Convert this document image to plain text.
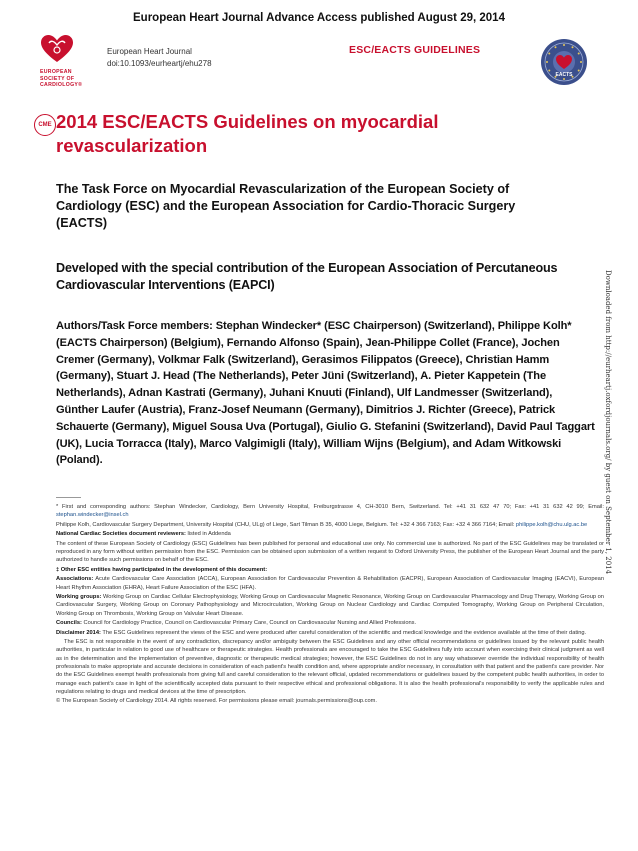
European Heart Journal Advance Access published August 29, 2014
EUROPEAN
SOCIETY OF
CARDIOLOGY®
European Heart Journal
doi:10.1093/eurheartj/ehu278
ESC/EACTS GUIDELINES
EACTS
CME 2014 ESC/EACTS Guidelines on myocardial revascularization
The Task Force on Myocardial Revascularization of the European Society of Cardiology (ESC) and the European Association for Cardio-Thoracic Surgery (EACTS)
Developed with the special contribution of the European Association of Percutaneous Cardiovascular Interventions (EAPCI)

Authors/Task Force members: Stephan Windecker* (ESC Chairperson) (Switzerland), Philippe Kolh* (EACTS Chairperson) (Belgium), Fernando Alfonso (Spain), Jean-Philippe Collet (France), Jochen Cremer (Germany), Volkmar Falk (Switzerland), Gerasimos Filippatos (Greece), Christian Hamm (Germany), Stuart J. Head (The Netherlands), Peter Jüni (Switzerland), A. Pieter Kappetein (The Netherlands), Adnan Kastrati (Germany), Juhani Knuuti (Finland), Ulf Landmesser (Switzerland), Günther Laufer (Austria), Franz-Josef Neumann (Germany), Dimitrios J. Richter (Greece), Patrick Schauerte (Germany), Miguel Sousa Uva (Portugal), Giulio G. Stefanini (Switzerland), David Paul Taggart (UK), Lucia Torracca (Italy), Marco Valgimigli (Italy), William Wijns (Belgium), and Adam Witkowski (Poland).	Downloaded from http://eurheartj.oxfordjournals.org/ by guest on September 1, 2014

* First and corresponding authors: Stephan Windecker, Cardiology, Bern University Hospital, Freiburgstrasse 4, CH-3010 Bern, Switzerland. Tel: +41 31 632 47 70; Fax: +41 31 632 42 99; Email: stephan.windecker@insel.ch

Philippe Kolh, Cardiovascular Surgery Department, University Hospital (CHU, ULg) of Liege, Sart Tilman B 35, 4000 Liege, Belgium. Tel: +32 4 366 7163; Fax: +32 4 366 7164; Email: philippe.kolh@chu.ulg.ac.be

National Cardiac Societies document reviewers: listed in Addenda

The content of these European Society of Cardiology (ESC) Guidelines has been published for personal and educational use only. No commercial use is authorized. No part of the ESC Guidelines may be translated or reproduced in any form without written permission from the ESC. Permission can be obtained upon submission of a written request to Oxford University Press, the publisher of the European Heart Journal and the party authorized to handle such permissions on behalf of the ESC.

‡ Other ESC entities having participated in the development of this document:

Associations: Acute Cardiovascular Care Association (ACCA), European Association for Cardiovascular Prevention & Rehabilitation (EACPR), European Association of Cardiovascular Imaging (EACVI), European Heart Rhythm Association (EHRA), Heart Failure Association of the ESC (HFA).

Working groups: Working Group on Cardiac Cellular Electrophysiology, Working Group on Cardiovascular Magnetic Resonance, Working Group on Cardiovascular Pharmacology and Drug Therapy, Working Group on Cardiovascular Surgery, Working Group on Coronary Pathophysiology and Microcirculation, Working Group on Nuclear Cardiology and Cardiac Computed Tomography, Working Group on Peripheral Circulation, Working Group on Thrombosis, Working Group on Valvular Heart Disease.

Councils: Council for Cardiology Practice, Council on Cardiovascular Primary Care, Council on Cardiovascular Nursing and Allied Professions.

Disclaimer 2014: The ESC Guidelines represent the views of the ESC and were produced after careful consideration of the scientific and medical knowledge and the evidence available at the time of their dating.

The ESC is not responsible in the event of any contradiction, discrepancy and/or ambiguity between the ESC Guidelines and any other official recommendations or guidelines issued by the relevant public health authorities, in particular in relation to good use of healthcare or therapeutic strategies. Health professionals are encouraged to take the ESC Guidelines fully into account when exercising their clinical judgment as well as in the determination and the implementation of preventive, diagnostic or therapeutic medical strategies; however, the ESC Guidelines do not in any way whatsoever override the individual responsibility of health professionals to make appropriate and accurate decisions in consideration of each patient's health condition and, where appropriate and/or necessary, in consultation with that patient and the patient's care provider. Nor do the ESC Guidelines exempt health professionals from giving full and careful consideration to the relevant official, updated recommendations or guidelines issued by the competent public health authorities, in order to manage each patient's case in light of the scientifically accepted data pursuant to their respective ethical and professional obligations. It is also the health professional's responsibility to verify the applicable rules and regulations relating to drugs and medical devices at the time of prescription.

© The European Society of Cardiology 2014. All rights reserved. For permissions please email: journals.permissions@oup.com.
